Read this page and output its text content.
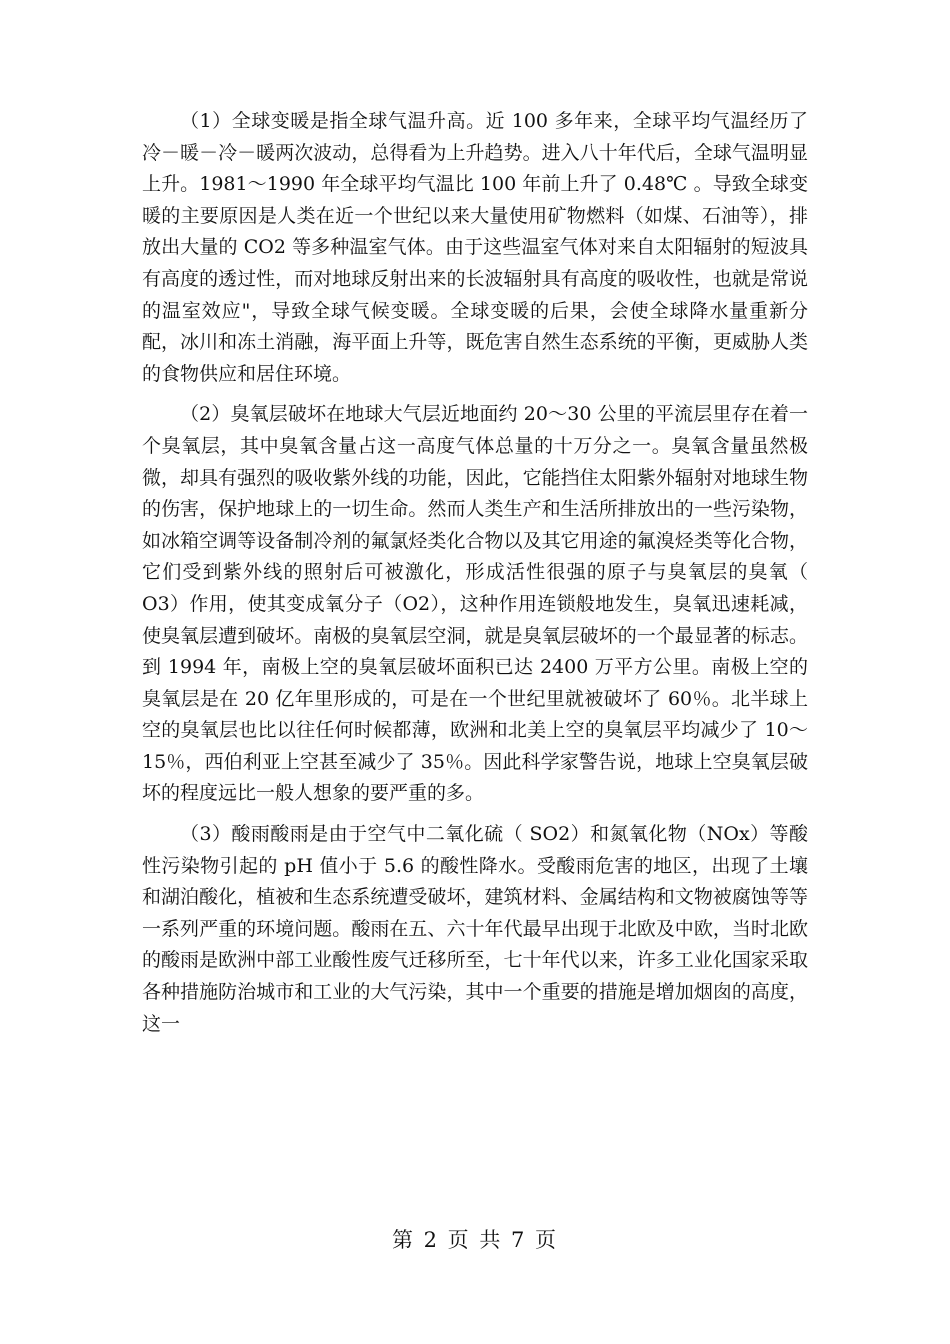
（1）全球变暖是指全球气温升高。近 100 多年来，全球平均气温经历了冷－暖－冷－暖两次波动，总得看为上升趋势。进入八十年代后，全球气温明显上升。1981～1990 年全球平均气温比 100 年前上升了 0.48℃ 。导致全球变暖的主要原因是人类在近一个世纪以来大量使用矿物燃料（如煤、石油等），排放出大量的 CO2 等多种温室气体。由于这些温室气体对来自太阳辐射的短波具有高度的透过性，而对地球反射出来的长波辐射具有高度的吸收性，也就是常说的温室效应"，导致全球气候变暖。全球变暖的后果，会使全球降水量重新分配，冰川和冻土消融，海平面上升等，既危害自然生态系统的平衡，更威胁人类的食物供应和居住环境。

（2）臭氧层破坏在地球大气层近地面约 20～30 公里的平流层里存在着一个臭氧层，其中臭氧含量占这一高度气体总量的十万分之一。臭氧含量虽然极微，却具有强烈的吸收紫外线的功能，因此，它能挡住太阳紫外辐射对地球生物的伤害，保护地球上的一切生命。然而人类生产和生活所排放出的一些污染物，如冰箱空调等设备制冷剂的氟氯烃类化合物以及其它用途的氟溴烃类等化合物，它们受到紫外线的照射后可被激化，形成活性很强的原子与臭氧层的臭氧（ O3）作用，使其变成氧分子（O2），这种作用连锁般地发生，臭氧迅速耗减，使臭氧层遭到破坏。南极的臭氧层空洞，就是臭氧层破坏的一个最显著的标志。到 1994 年，南极上空的臭氧层破坏面积已达 2400 万平方公里。南极上空的臭氧层是在 20 亿年里形成的，可是在一个世纪里就被破坏了 60％。北半球上空的臭氧层也比以往任何时候都薄，欧洲和北美上空的臭氧层平均减少了 10～15％，西伯利亚上空甚至减少了 35％。因此科学家警告说，地球上空臭氧层破坏的程度远比一般人想象的要严重的多。

（3）酸雨酸雨是由于空气中二氧化硫（ SO2）和氮氧化物（NOx）等酸性污染物引起的 pH 值小于 5.6 的酸性降水。受酸雨危害的地区，出现了土壤和湖泊酸化，植被和生态系统遭受破坏，建筑材料、金属结构和文物被腐蚀等等一系列严重的环境问题。酸雨在五、六十年代最早出现于北欧及中欧，当时北欧的酸雨是欧洲中部工业酸性废气迁移所至，七十年代以来，许多工业化国家采取各种措施防治城市和工业的大气污染，其中一个重要的措施是增加烟囱的高度，这一

第 2 页 共 7 页
